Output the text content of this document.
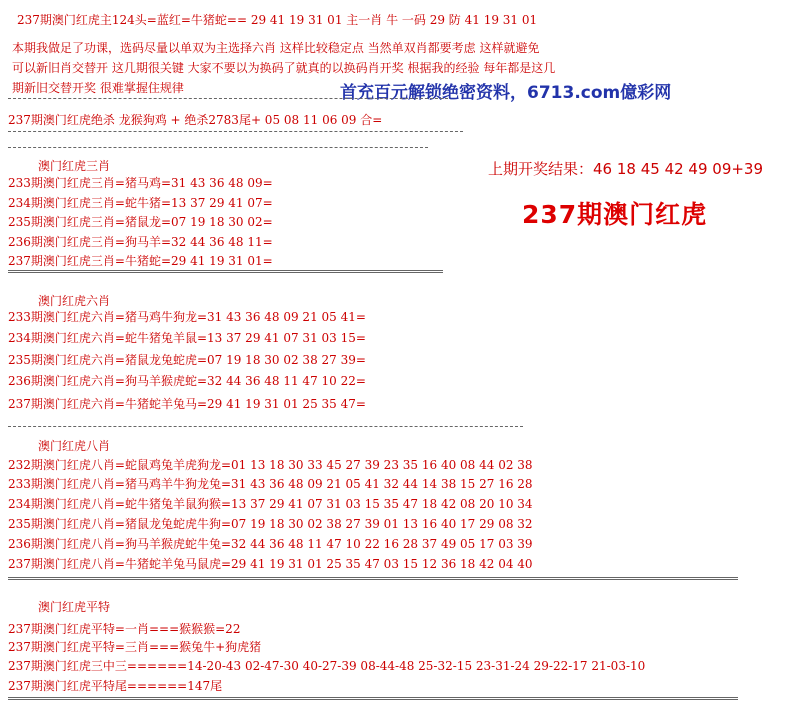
237期澳门红虎主124头=蓝红=牛猪蛇== 29 41 19 31 01 主一肖 牛 一码 29 防 41 19 31 01
本期我做足了功课，选码尽量以单双为主选择六肖 这样比较稳定点 当然单双肖都要考虑 这样就避免
可以新旧肖交替开 这几期很关键 大家不要以为换码了就真的以换码肖开奖 根据我的经验 每年都是这几
期新旧交替开奖 很难掌握住规律	首充百元解锁绝密资料，6713.com億彩网
237期澳门红虎绝杀 龙猴狗鸡 + 绝杀2783尾+ 05 08 11 06 09 合=
上期开奖结果：46 18 45 42 49 09+39
237期澳门红虎
澳门红虎三肖
233期澳门红虎三肖=猪马鸡=31 43 36 48 09=
234期澳门红虎三肖=蛇牛猪=13 37 29 41 07=
235期澳门红虎三肖=猪鼠龙=07 19 18 30 02=
236期澳门红虎三肖=狗马羊=32 44 36 48 11=
237期澳门红虎三肖=牛猪蛇=29 41 19 31 01=
澳门红虎六肖
233期澳门红虎六肖=猪马鸡牛狗龙=31 43 36 48 09 21 05 41=
234期澳门红虎六肖=蛇牛猪兔羊鼠=13 37 29 41 07 31 03 15=
235期澳门红虎六肖=猪鼠龙兔蛇虎=07 19 18 30 02 38 27 39=
236期澳门红虎六肖=狗马羊猴虎蛇=32 44 36 48 11 47 10 22=
237期澳门红虎六肖=牛猪蛇羊兔马=29 41 19 31 01 25 35 47=
澳门红虎八肖
232期澳门红虎八肖=蛇鼠鸡兔羊虎狗龙=01 13 18 30 33 45 27 39 23 35 16 40 08 44 02 38
233期澳门红虎八肖=猪马鸡羊牛狗龙兔=31 43 36 48 09 21 05 41 32 44 14 38 15 27 16 28
234期澳门红虎八肖=蛇牛猪兔羊鼠狗猴=13 37 29 41 07 31 03 15 35 47 18 42 08 20 10 34
235期澳门红虎八肖=猪鼠龙兔蛇虎牛狗=07 19 18 30 02 38 27 39 01 13 16 40 17 29 08 32
236期澳门红虎八肖=狗马羊猴虎蛇牛兔=32 44 36 48 11 47 10 22 16 28 37 49 05 17 03 39
237期澳门红虎八肖=牛猪蛇羊兔马鼠虎=29 41 19 31 01 25 35 47 03 15 12 36 18 42 04 40
澳门红虎平特
237期澳门红虎平特=一肖===猴猴猴=22
237期澳门红虎平特=三肖===猴兔牛+狗虎猪
237期澳门红虎三中三======14-20-43 02-47-30 40-27-39 08-44-48 25-32-15 23-31-24 29-22-17 21-03-10
237期澳门红虎平特尾======147尾
